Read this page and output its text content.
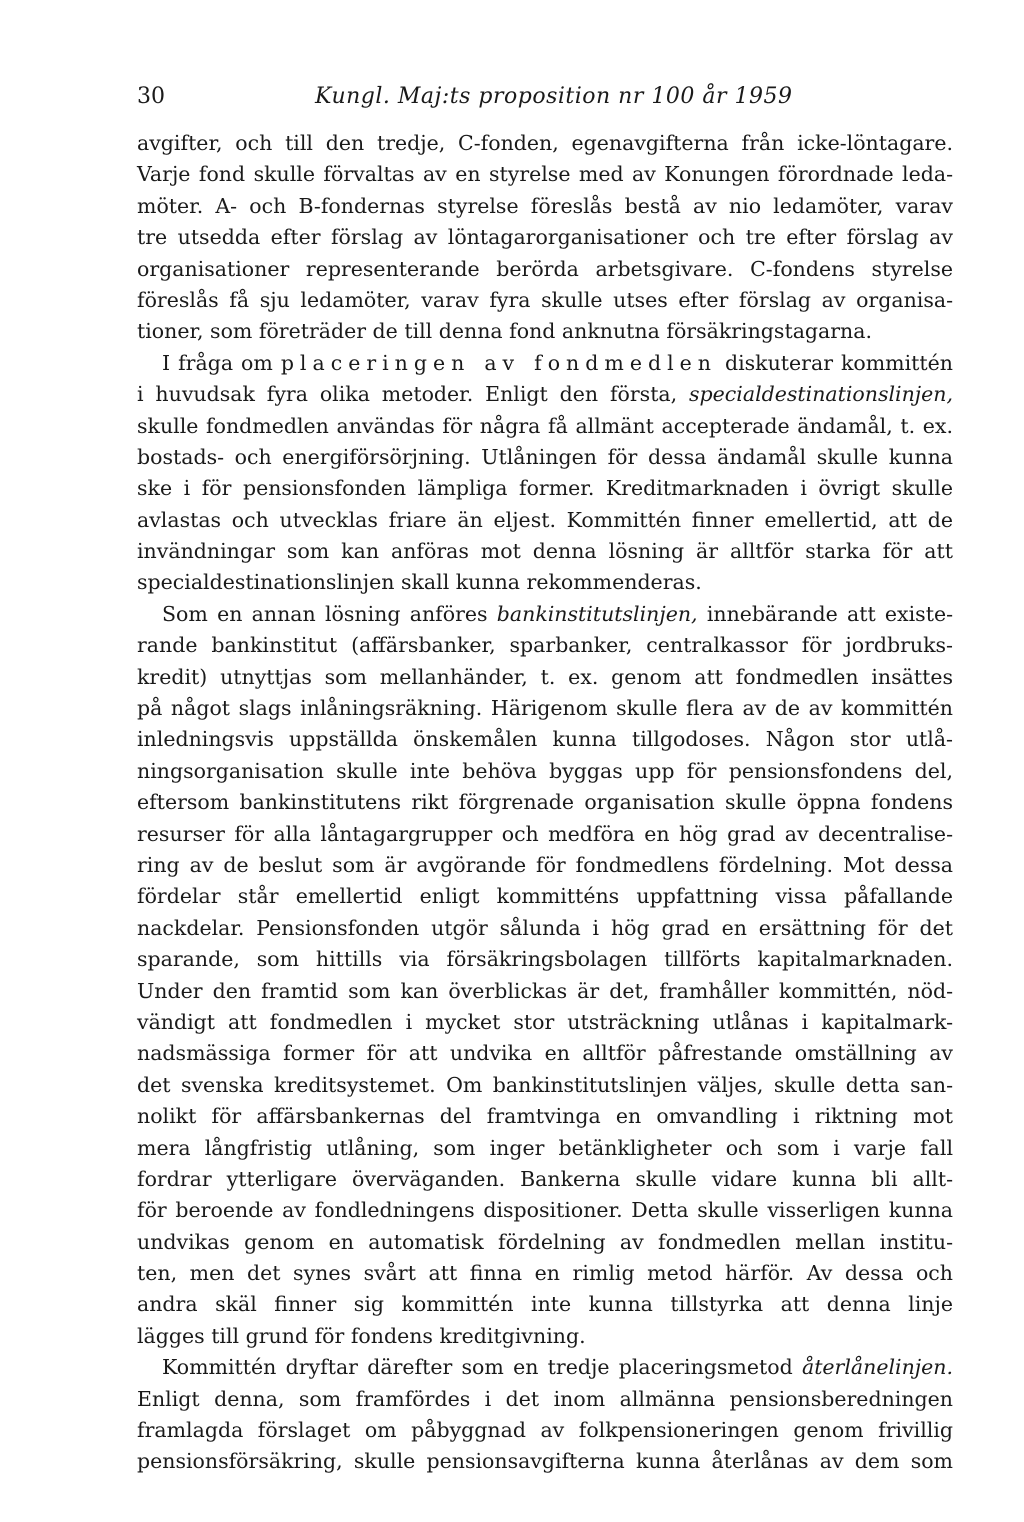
30	Kungl. Maj:ts proposition nr 100 år 1959
avgifter, och till den tredje, C-fonden, egenavgifterna från icke-löntagare.
Varje fond skulle förvaltas av en styrelse med av Konungen förordnade leda-
möter. A- och B-fondernas styrelse föreslås bestå av nio ledamöter, varav
tre utsedda efter förslag av löntagarorganisationer och tre efter förslag av
organisationer representerande berörda arbetsgivare. C-fondens styrelse
föreslås få sju ledamöter, varav fyra skulle utses efter förslag av organisa-
tioner, som företräder de till denna fond anknutna försäkringstagarna.
I fråga om placeringen av fondmedlen diskuterar kommittén
i huvudsak fyra olika metoder. Enligt den första, specialdestinationslinjen,
skulle fondmedlen användas för några få allmänt accepterade ändamål, t. ex.
bostads- och energiförsörjning. Utlåningen för dessa ändamål skulle kunna
ske i för pensionsfonden lämpliga former. Kreditmarknaden i övrigt skulle
avlastas och utvecklas friare än eljest. Kommittén finner emellertid, att de
invändningar som kan anföras mot denna lösning är alltför starka för att
specialdestinationslinjen skall kunna rekommenderas.
Som en annan lösning anföres bankinstitutslinjen, innebärande att existe-
rande bankinstitut (affärsbanker, sparbanker, centralkassor för jordbruks-
kredit) utnyttjas som mellanhänder, t. ex. genom att fondmedlen insättes
på något slags inlåningsräkning. Härigenom skulle flera av de av kommittén
inledningsvis uppställda önskemålen kunna tillgodoses. Någon stor utlå-
ningsorganisation skulle inte behöva byggas upp för pensionsfondens del,
eftersom bankinstitutens rikt förgrenade organisation skulle öppna fondens
resurser för alla låntagargrupper och medföra en hög grad av decentralise-
ring av de beslut som är avgörande för fondmedlens fördelning. Mot dessa
fördelar står emellertid enligt kommitténs uppfattning vissa påfallande
nackdelar. Pensionsfonden utgör sålunda i hög grad en ersättning för det
sparande, som hittills via försäkringsbolagen tillförts kapitalmarknaden.
Under den framtid som kan överblickas är det, framhåller kommittén, nöd-
vändigt att fondmedlen i mycket stor utsträckning utlånas i kapitalmark-
nadsmässiga former för att undvika en alltför påfrestande omställning av
det svenska kreditsystemet. Om bankinstitutslinjen väljes, skulle detta san-
nolikt för affärsbankernas del framtvinga en omvandling i riktning mot
mera långfristig utlåning, som inger betänkligheter och som i varje fall
fordrar ytterligare överväganden. Bankerna skulle vidare kunna bli allt-
för beroende av fondledningens dispositioner. Detta skulle visserligen kunna
undvikas genom en automatisk fördelning av fondmedlen mellan institu-
ten, men det synes svårt att finna en rimlig metod härför. Av dessa och
andra skäl finner sig kommittén inte kunna tillstyrka att denna linje
lägges till grund för fondens kreditgivning.
Kommittén dryftar därefter som en tredje placeringsmetod återlånelinjen.
Enligt denna, som framfördes i det inom allmänna pensionsberedningen
framlagda förslaget om påbyggnad av folkpensioneringen genom frivillig
pensionsförsäkring, skulle pensionsavgifterna kunna återlånas av dem som
